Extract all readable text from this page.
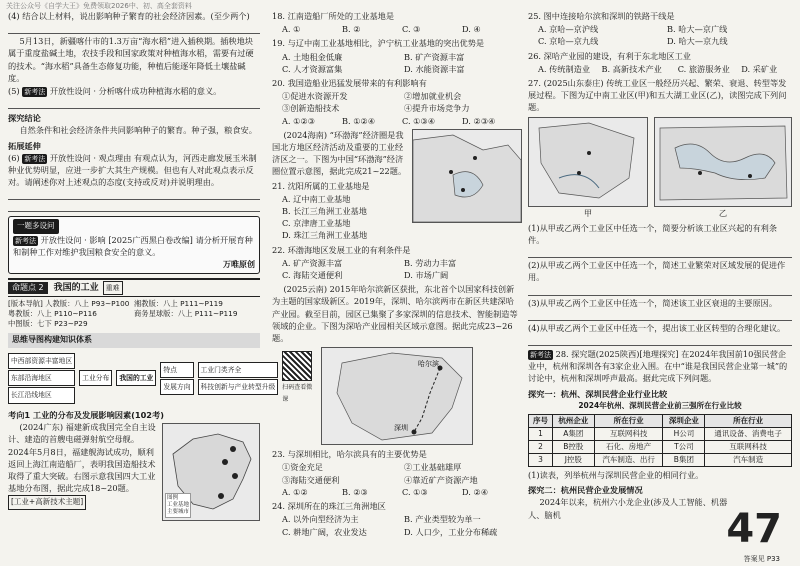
关注公众号《自学大王》免费领取2026中、初、高全套资料

(4) 结合以上材料，说出影响种子繁育的社会经济因素。(至少两个)

5月13日，新疆喀什市的1.3万亩“海水稻”进入插秧期。插秧地块属于重度盐碱土地，农技手段和国家政策对种植海水稻，需要有过硬的技术。“海水稻”具备生态修复功能，种植后能逐年降低土壤盐碱度。

(5) 新考法 开放性设问 · 分析喀什成功种植海水稻的意义。

探究结论

自然条件和社会经济条件共同影响种子的繁育。种子强，粮食安。

拓展延伸

(6) 新考法 开放性设问 · 观点理由 有观点认为，河西走廊发展玉米制种业优势明显，应进一步扩大其生产规模。但也有人对此观点表示反对。请阐述你对上述观点的态度(支持或反对)并说明理由。

一题多设问

新考法 开放性设问 · 影响 [2025广西黑白卷改编] 请分析开展育种和制种工作对维护我国粮食安全的意义。

万唯原创
命题点 2	我国的工业	重难
[版本导航] 人教版：八上 P93~P100 湘教版：八上 P111~P119
粤教版：八上 P110~P116	商务星球版：八上 P111~P119
中图版：七下 P23~P29
思维导图构建知识体系
中西部资源丰富地区
东部沿海地区
长江沿线地区
工业分布	我国的工业
特点
发展方向
工业门类齐全
科技创新与产业转型升级	扫码查看微课
考向1 工业的分布及发展影响因素(102考)
图例
工业基地
主要城市

(2024广东) 福建新成我国完全自主设计、建造的首艘电磁弹射航空母舰。2024年5月8日，福建舰海试成功，顺利返回上海江南造船厂，表明我国造船技术取得了重大突破。右图示意我国四大工业基地分布图，据此完成18~20题。

[工业+高新技术主题]

18. 江南造船厂所处的工业基地是

A. ①	B. ②	C. ③	D. ④

19. 与辽中南工业基地相比，沪宁杭工业基地的突出优势是

A. 土地租金低廉	B. 矿产资源丰富
C. 人才资源富集	D. 水能资源丰富

20. 我国造船业迅猛发展带来的有利影响有

①促进水资源开发	②增加就业机会
③创新造船技术	④提升市场竞争力
A. ①②③	B. ①②④	C. ①③④	D. ②③④

(2024海南) “环渤海”经济圈是我国北方地区经济活动及重要的工业经济区之一。下图为中国“环渤海”经济圈位置示意图，据此完成21~22题。

21. 沈阳所属的工业基地是

A. 辽中南工业基地
B. 长江三角洲工业基地
C. 京津唐工业基地
D. 珠江三角洲工业基地

22. 环渤海地区发展工业的有利条件是

A. 矿产资源丰富	B. 劳动力丰富
C. 海陆交通便利	D. 市场广阔

(2025云南) 2015年哈尔滨新区获批，东北首个以国家科技创新为主题的国家级新区。2019年，深圳、哈尔滨两市在新区共建深哈产业园。截至目前，园区已集聚了多家深圳的信息技术、智能制造等领域的企业。下图为深哈产业园相关区域示意图。据此完成23~26题。

哈尔滨
深圳

23. 与深圳相比，哈尔滨具有的主要优势是

①资金充足	②工业基础雄厚
③海陆交通便利	④靠近矿产资源产地
A. ①②	B. ②③	C. ①③	D. ②④

24. 深圳所在的珠江三角洲地区

A. 以外向型经济为主	B. 产业类型较为单一
C. 耕地广阔，农业发达	D. 人口少，工业分布稀疏

25. 图中连接哈尔滨和深圳的铁路干线是

A. 京哈—京沪线	B. 哈大—京广线
C. 京哈—京九线	D. 哈大—京九线

26. 深哈产业园的建设，有利于东北地区工业

A. 传统制造业	B. 高新技术产业	C. 旅游服务业	D. 采矿业

27. (2025山东泰庄) 传统工业区一般经历兴起、繁荣、衰退、转型等发展过程。下图为辽中南工业区(甲)和五大湖工业区(乙)，读图完成下列问题。

甲	乙

(1)从甲或乙两个工业区中任选一个，简要分析该工业区兴起的有利条件。

(2)从甲或乙两个工业区中任选一个，简述工业繁荣对区域发展的促进作用。

(3)从甲或乙两个工业区中任选一个，简述该工业区衰退的主要原因。

(4)从甲或乙两个工业区中任选一个，提出该工业区转型的合理化建议。

新考法 28. 探究题(2025陕西)[地理探究] 在2024年我国前10强民营企业中，杭州和深圳各有3家企业入围。在中“谁是我国民营企业第一城”的讨论中，杭州和深圳呼声最高。据此完成下列问题。

探究一：杭州、深圳民营企业行业比较
2024年杭州、深圳民营企业前三强所在行业比较
序号	杭州企业	所在行业	深圳企业	所在行业
1	A集团	互联网科技	H公司	通讯设备、消费电子
2	B控股	石化、房地产	T公司	互联网科技
3	J控股	汽车制造、出行	B集团	汽车制造

(1)读表，列举杭州与深圳民营企业的相同行业。

探究二：杭州民营企业发展情况

2024年以来，杭州六小龙企业(涉及人工智能、机器人、脑机	47
答案见 P33
